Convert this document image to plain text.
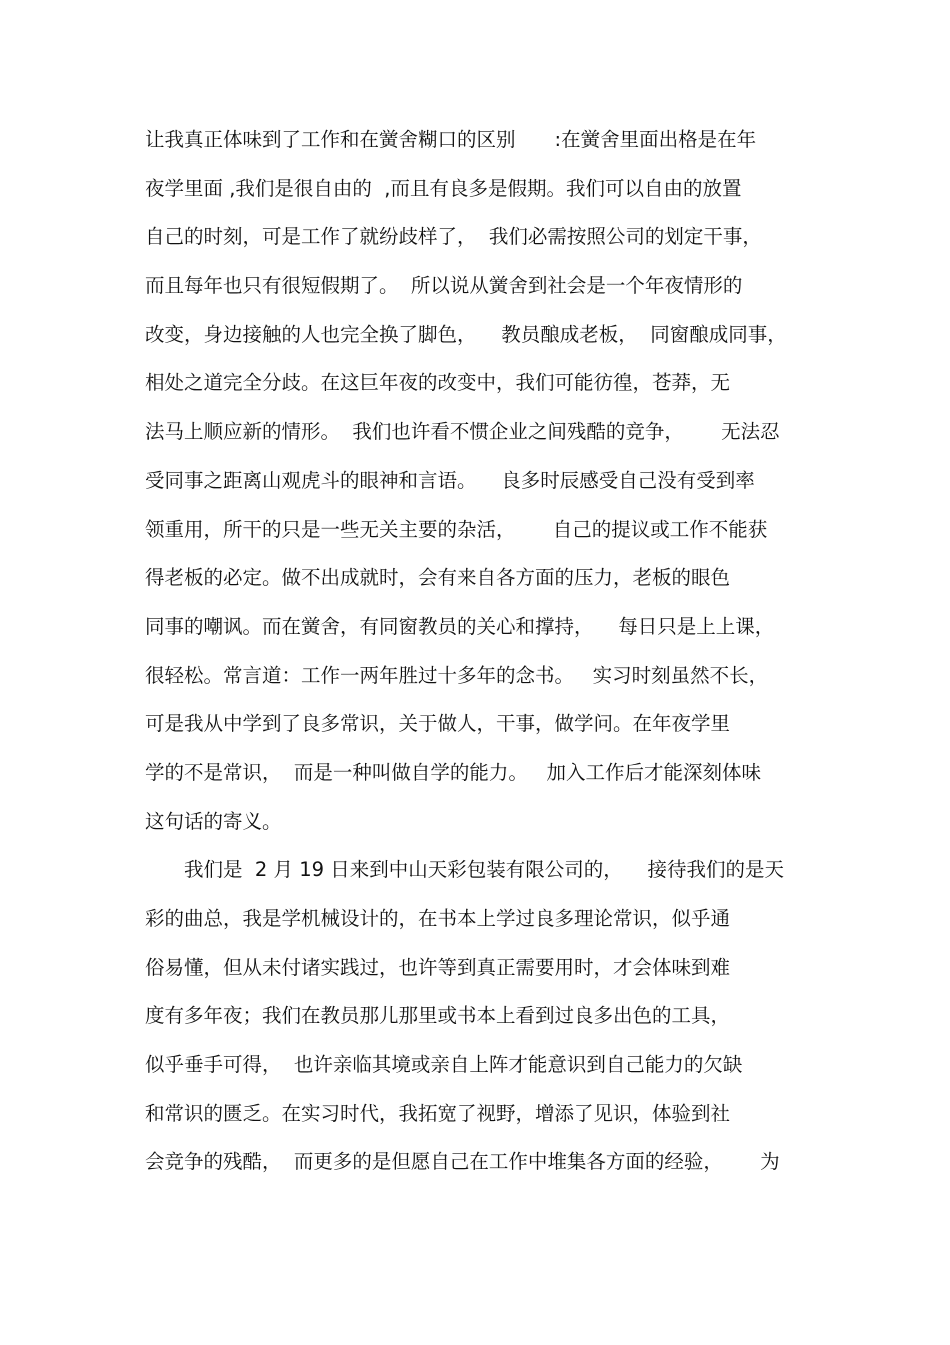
让我真正体味到了工作和在黉舍糊口的区别　　:在黉舍里面出格是在年
夜学里面 ,我们是很自由的  ,而且有良多是假期。我们可以自由的放置
自己的时刻，可是工作了就纷歧样了，  我们必需按照公司的划定干事，
而且每年也只有很短假期了。  所以说从黉舍到社会是一个年夜情形的
改变，身边接触的人也完全换了脚色，    教员酿成老板，  同窗酿成同事，
相处之道完全分歧。在这巨年夜的改变中，我们可能彷徨，苍莽，无
法马上顺应新的情形。  我们也许看不惯企业之间残酷的竞争，      无法忍
受同事之距离山观虎斗的眼神和言语。    良多时辰感受自己没有受到率
领重用，所干的只是一些无关主要的杂活，      自己的提议或工作不能获
得老板的必定。做不出成就时，会有来自各方面的压力，老板的眼色
同事的嘲讽。而在黉舍，有同窗教员的关心和撑持，    每日只是上上课，
很轻松。常言道：工作一两年胜过十多年的念书。   实习时刻虽然不长，
可是我从中学到了良多常识，关于做人，干事，做学问。在年夜学里
学的不是常识，  而是一种叫做自学的能力。   加入工作后才能深刻体味
这句话的寄义。
　　我们是  2 月 19 日来到中山天彩包装有限公司的，    接待我们的是天
彩的曲总，我是学机械设计的，在书本上学过良多理论常识，似乎通
俗易懂，但从未付诸实践过，也许等到真正需要用时，才会体味到难
度有多年夜；我们在教员那儿那里或书本上看到过良多出色的工具，
似乎垂手可得，  也许亲临其境或亲自上阵才能意识到自己能力的欠缺
和常识的匮乏。在实习时代，我拓宽了视野，增添了见识，体验到社
会竞争的残酷，  而更多的是但愿自己在工作中堆集各方面的经验，      为
